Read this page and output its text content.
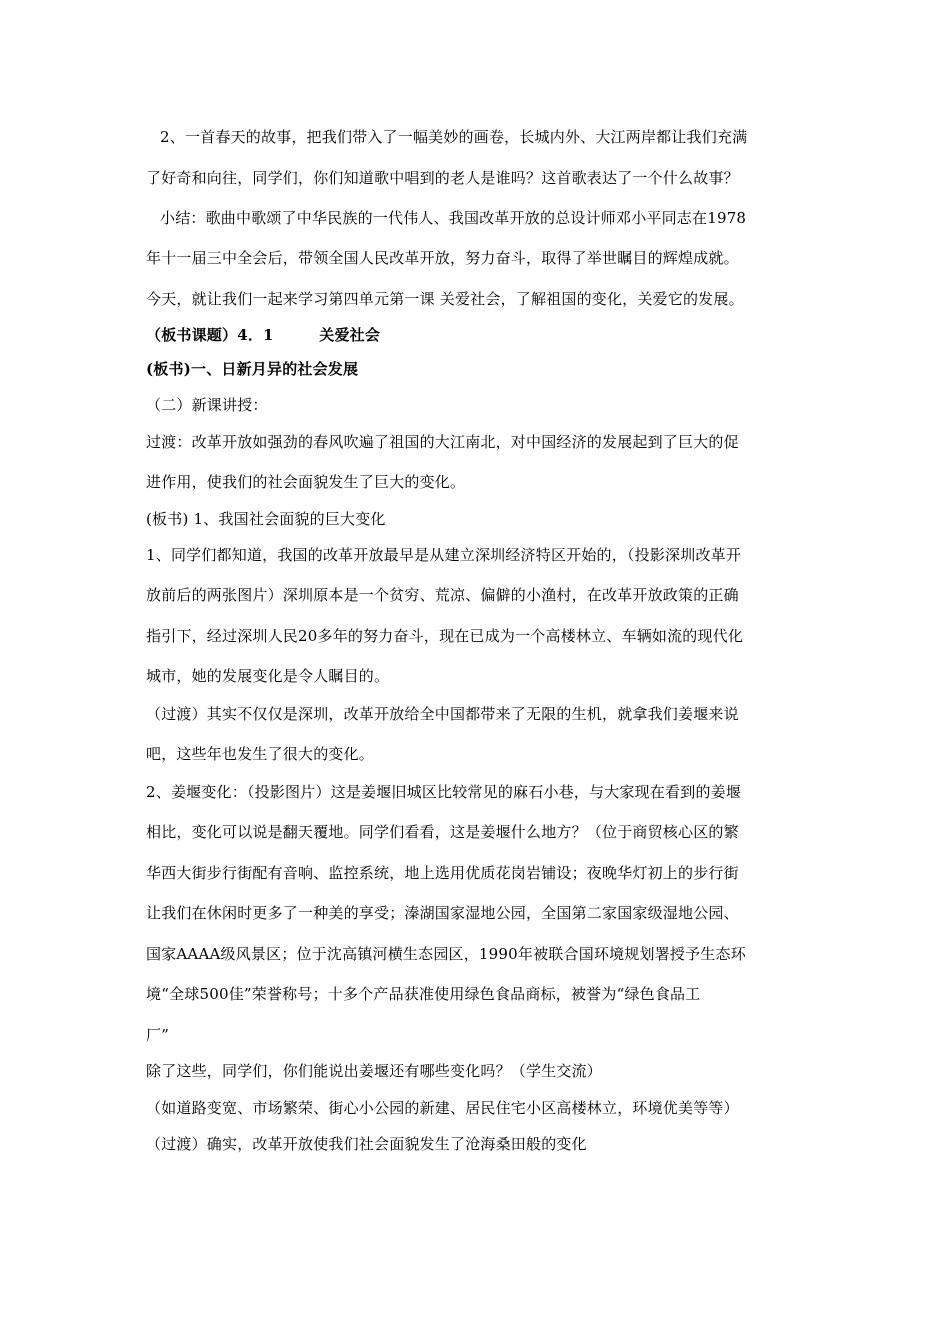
2、一首春天的故事，把我们带入了一幅美妙的画卷，长城内外、大江两岸都让我们充满
了好奇和向往，同学们，你们知道歌中唱到的老人是谁吗？这首歌表达了一个什么故事？
小结：歌曲中歌颂了中华民族的一代伟人、我国改革开放的总设计师邓小平同志在1978
年十一届三中全会后，带领全国人民改革开放，努力奋斗，取得了举世瞩目的辉煌成就。
今天，就让我们一起来学习第四单元第一课 关爱社会，了解祖国的变化，关爱它的发展。
（板书课题）4．1　　　关爱社会
(板书)一、日新月异的社会发展
（二）新课讲授：
过渡：改革开放如强劲的春风吹遍了祖国的大江南北，对中国经济的发展起到了巨大的促
进作用，使我们的社会面貌发生了巨大的变化。
(板书) 1、我国社会面貌的巨大变化
1、同学们都知道，我国的改革开放最早是从建立深圳经济特区开始的，（投影深圳改革开
放前后的两张图片）深圳原本是一个贫穷、荒凉、偏僻的小渔村，在改革开放政策的正确
指引下，经过深圳人民20多年的努力奋斗，现在已成为一个高楼林立、车辆如流的现代化
城市，她的发展变化是令人瞩目的。
（过渡）其实不仅仅是深圳，改革开放给全中国都带来了无限的生机，就拿我们姜堰来说
吧，这些年也发生了很大的变化。
2、姜堰变化：（投影图片）这是姜堰旧城区比较常见的麻石小巷，与大家现在看到的姜堰
相比，变化可以说是翻天覆地。同学们看看，这是姜堰什么地方？（位于商贸核心区的繁
华西大街步行街配有音响、监控系统，地上选用优质花岗岩铺设；夜晚华灯初上的步行街
让我们在休闲时更多了一种美的享受；溱湖国家湿地公园，全国第二家国家级湿地公园、
国家AAAA级风景区；位于沈高镇河横生态园区，1990年被联合国环境规划署授予生态环
境“全球500佳”荣誉称号；十多个产品获准使用绿色食品商标，被誉为“绿色食品工
厂”
除了这些，同学们，你们能说出姜堰还有哪些变化吗？（学生交流）
（如道路变宽、市场繁荣、街心小公园的新建、居民住宅小区高楼林立，环境优美等等）
（过渡）确实，改革开放使我们社会面貌发生了沧海桑田般的变化
